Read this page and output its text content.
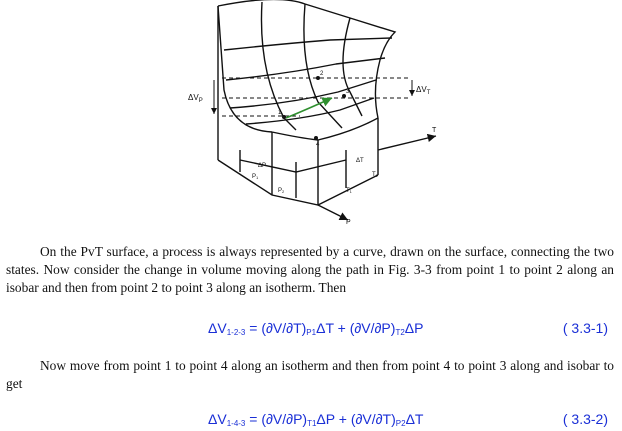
$\Delta V_P$
$\Delta V_T$
1
2
3
4
ΔP
ΔT
P1
P2	T1
T2
T
P

On the PvT surface, a process is always represented by a curve, drawn on the surface, connecting the two states. Now consider the change in volume moving along the path in Fig. 3-3 from point 1 to point 2 along an isobar and then from point 2 to point 3 along an isotherm. Then

ΔV1-2-3 = (∂V/∂T)P1ΔT + (∂V/∂P)T2ΔP	( 3.3-1)

Now move from point 1 to point 4 along an isotherm and then from point 4 to point 3 along and isobar to get

ΔV1-4-3 = (∂V/∂P)T1ΔP + (∂V/∂T)P2ΔT	( 3.3-2)
